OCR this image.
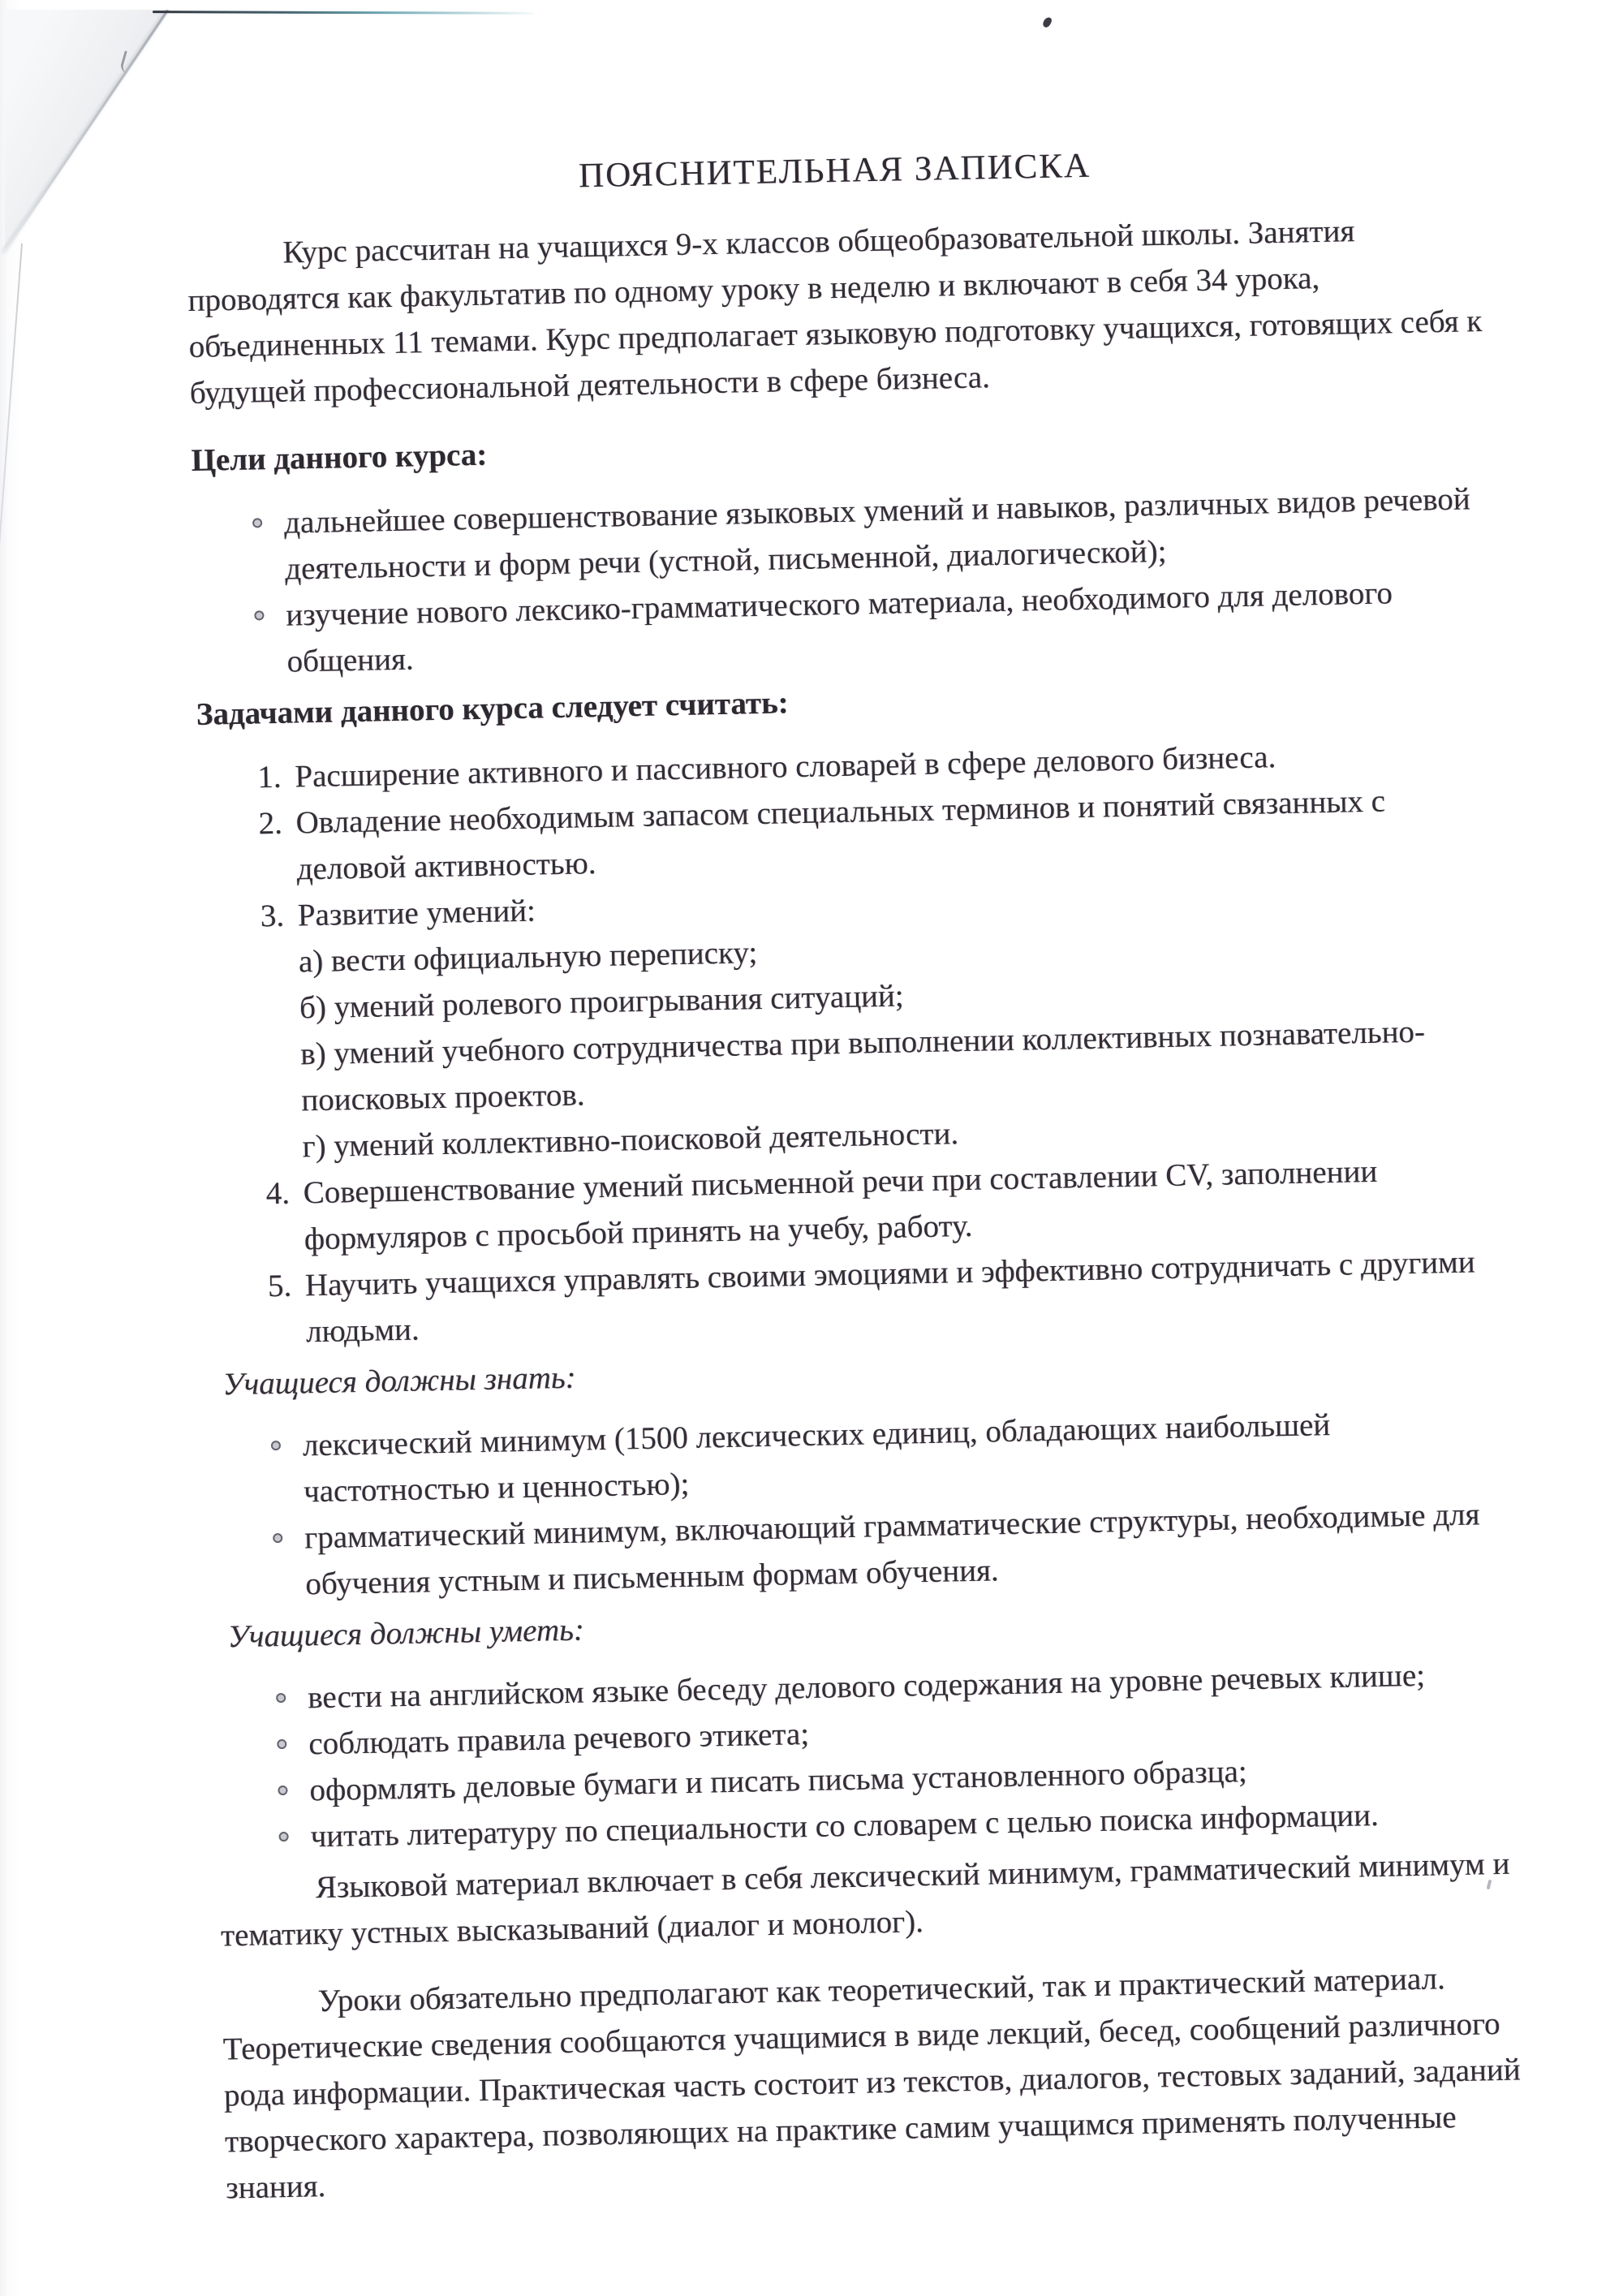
ПОЯСНИТЕЛЬНАЯ ЗАПИСКА

Курс рассчитан на учащихся 9-х классов общеобразовательной школы. Занятия проводятся как факультатив по одному уроку в неделю и включают в себя 34 урока, объединенных 11 темами. Курс предполагает языковую подготовку учащихся, готовящих себя к будущей профессиональной деятельности в сфере бизнеса.

Цели данного курса:
дальнейшее совершенствование языковых умений и навыков, различных видов речевой деятельности и форм речи (устной, письменной, диалогической);
изучение нового лексико-грамматического материала, необходимого для делового общения.
Задачами данного курса следует считать:
1. Расширение активного и пассивного словарей в сфере делового бизнеса.
2. Овладение необходимым запасом специальных терминов и понятий связанных с деловой активностью.
3. Развитие умений:
а) вести официальную переписку;
б) умений ролевого проигрывания ситуаций;
в) умений учебного сотрудничества при выполнении коллективных познавательно-поисковых проектов.
г) умений коллективно-поисковой деятельности.
4. Совершенствование умений письменной речи при составлении CV, заполнении формуляров с просьбой принять на учебу, работу.
5. Научить учащихся управлять своими эмоциями и эффективно сотрудничать с другими людьми.
Учащиеся должны знать:
лексический минимум (1500 лексических единиц, обладающих наибольшей частотностью и ценностью);
грамматический минимум, включающий грамматические структуры, необходимые для обучения устным и письменным формам обучения.
Учащиеся должны уметь:
вести на английском языке беседу делового содержания на уровне речевых клише;
соблюдать правила речевого этикета;
оформлять деловые бумаги и писать письма установленного образца;
читать литературу по специальности со словарем с целью поиска информации.

Языковой материал включает в себя лексический минимум, грамматический минимум и тематику устных высказываний (диалог и монолог).

Уроки обязательно предполагают как теоретический, так и практический материал. Теоретические сведения сообщаются учащимися в виде лекций, бесед, сообщений различного рода информации. Практическая часть состоит из текстов, диалогов, тестовых заданий, заданий творческого характера, позволяющих на практике самим учащимся применять полученные знания.
